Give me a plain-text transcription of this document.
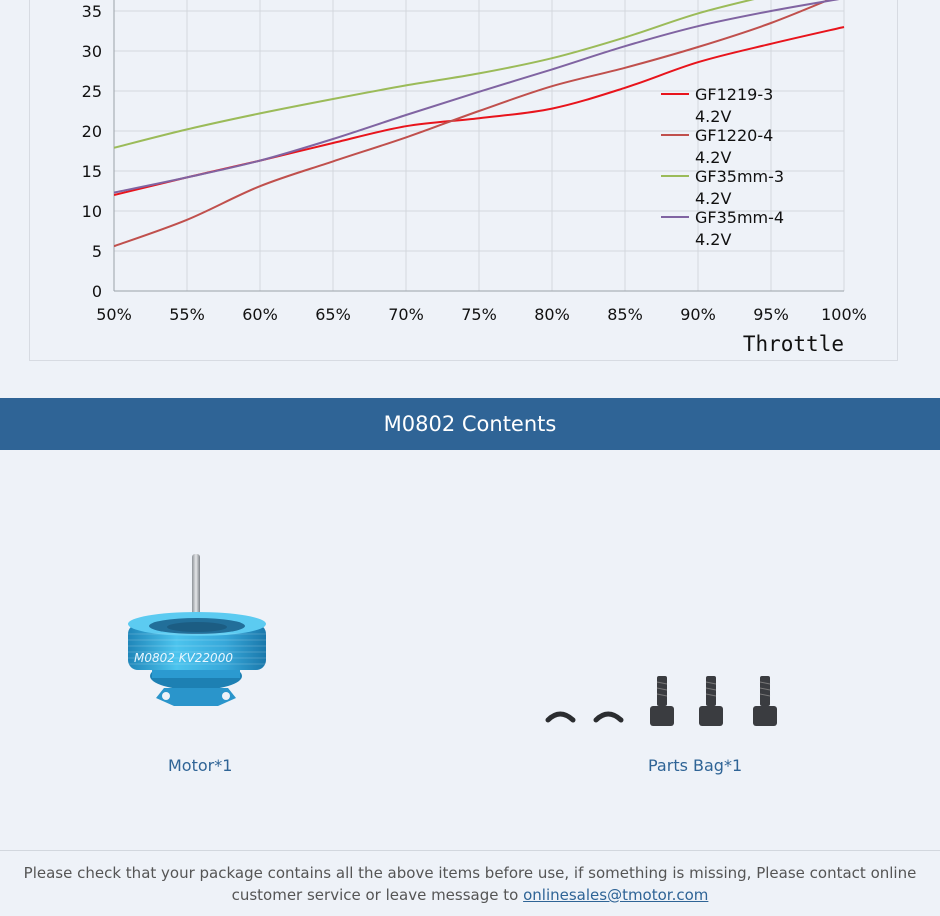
0
5
10
15
20
25
30
35
50% 55% 60% 65% 70% 75% 80% 85% 90% 95% 100%
Throttle
GF1219-3
4.2V
GF1220-4
4.2V
GF35mm-3
4.2V
GF35mm-4
4.2V
M0802 Contents
M0802 KV22000
Motor*1	Parts Bag*1
Please check that your package contains all the above items before use, if something is missing, Please contact online customer service or leave message to onlinesales@tmotor.com
